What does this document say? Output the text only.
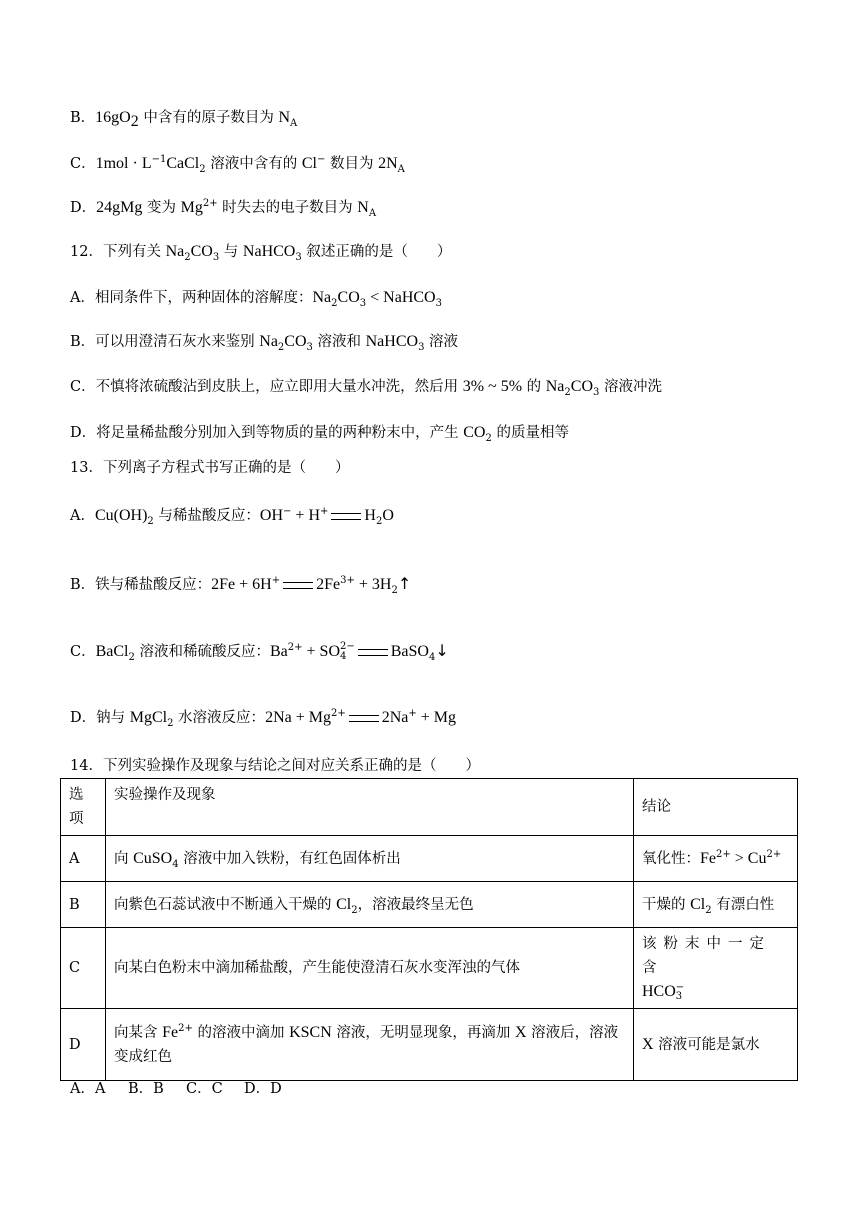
B．$16gO_2$ 中含有的原子数目为 $N_A$
C．$1mol \cdot L^{-1}CaCl_2$ 溶液中含有的 Cl− 数目为 $2N_A$
D．24gMg 变为 $Mg^{2+}$ 时失去的电子数目为 $N_A$
12．下列有关 $Na_2CO_3$ 与 NaHCO$_3$ 叙述正确的是（　　）
A．相同条件下，两种固体的溶解度：$Na_2CO_3$ < NaHCO$_3$
B．可以用澄清石灰水来鉴别 $Na_2CO_3$ 溶液和 NaHCO$_3$ 溶液
C．不慎将浓硫酸沾到皮肤上，应立即用大量水冲洗，然后用 3% ~ 5% 的 $Na_2CO_3$ 溶液冲洗
D．将足量稀盐酸分别加入到等物质的量的两种粉末中，产生 $CO_2$ 的质量相等
13．下列离子方程式书写正确的是（　　）
A．$Cu(OH)_2$ 与稀盐酸反应：OH− + H+ $H_2O$
B．铁与稀盐酸反应：2Fe + 6H+ $2Fe^{3+}$ + $3H_2↑$
C．BaCl$_2$ 溶液和稀硫酸反应：$Ba^{2+}$ + SO 2−
4	BaSO$_4$↓
D．钠与 MgCl$_2$ 水溶液反应：$2Na + Mg^{2+}$ 2Na+ + Mg
14．下列实验操作及现象与结论之间对应关系正确的是（　　）
选项	实验操作及现象	结论
A	向 CuSO$_4$ 溶液中加入铁粉，有红色固体析出	氧化性：$Fe^{2+} > Cu^{2+}$
B	向紫色石蕊试液中不断通入干燥的 $Cl_2$，溶液最终呈无色	干燥的 $Cl_2$ 有漂白性
C	向某白色粉末中滴加稀盐酸，产生能使澄清石灰水变浑浊的气体	该粉末中一定含
HCO −
3

D	向某含 $Fe^{2+}$ 的溶液中滴加 KSCN 溶液，无明显现象，再滴加 X 溶液后，溶液变成红色	X 溶液可能是氯水
A．A B．B C．C D．D
